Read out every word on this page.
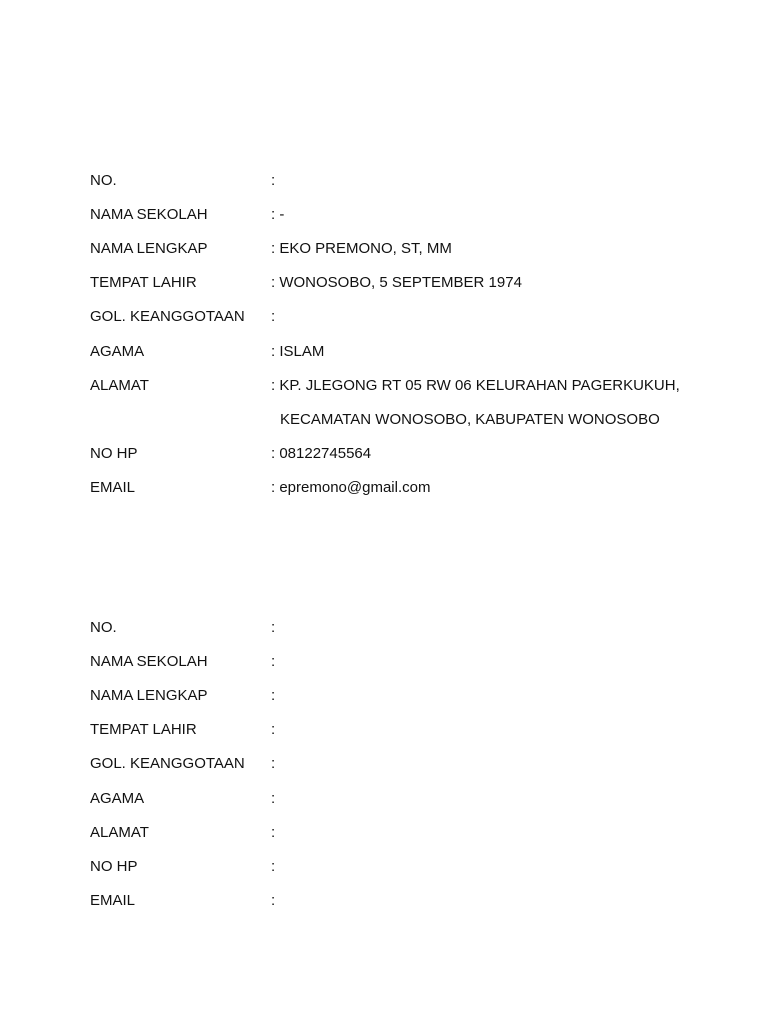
NO.	:
NAMA SEKOLAH	: -
NAMA LENGKAP	: EKO PREMONO, ST, MM
TEMPAT LAHIR	: WONOSOBO, 5 SEPTEMBER 1974
GOL. KEANGGOTAAN	:
AGAMA	: ISLAM
ALAMAT	: KP. JLEGONG RT 05 RW 06 KELURAHAN PAGERKUKUH,
KECAMATAN WONOSOBO, KABUPATEN WONOSOBO
NO HP	: 08122745564
EMAIL	: epremono@gmail.com
NO.	:
NAMA SEKOLAH	:
NAMA LENGKAP	:
TEMPAT LAHIR	:
GOL. KEANGGOTAAN	:
AGAMA	:
ALAMAT	:
NO HP	:
EMAIL	:
